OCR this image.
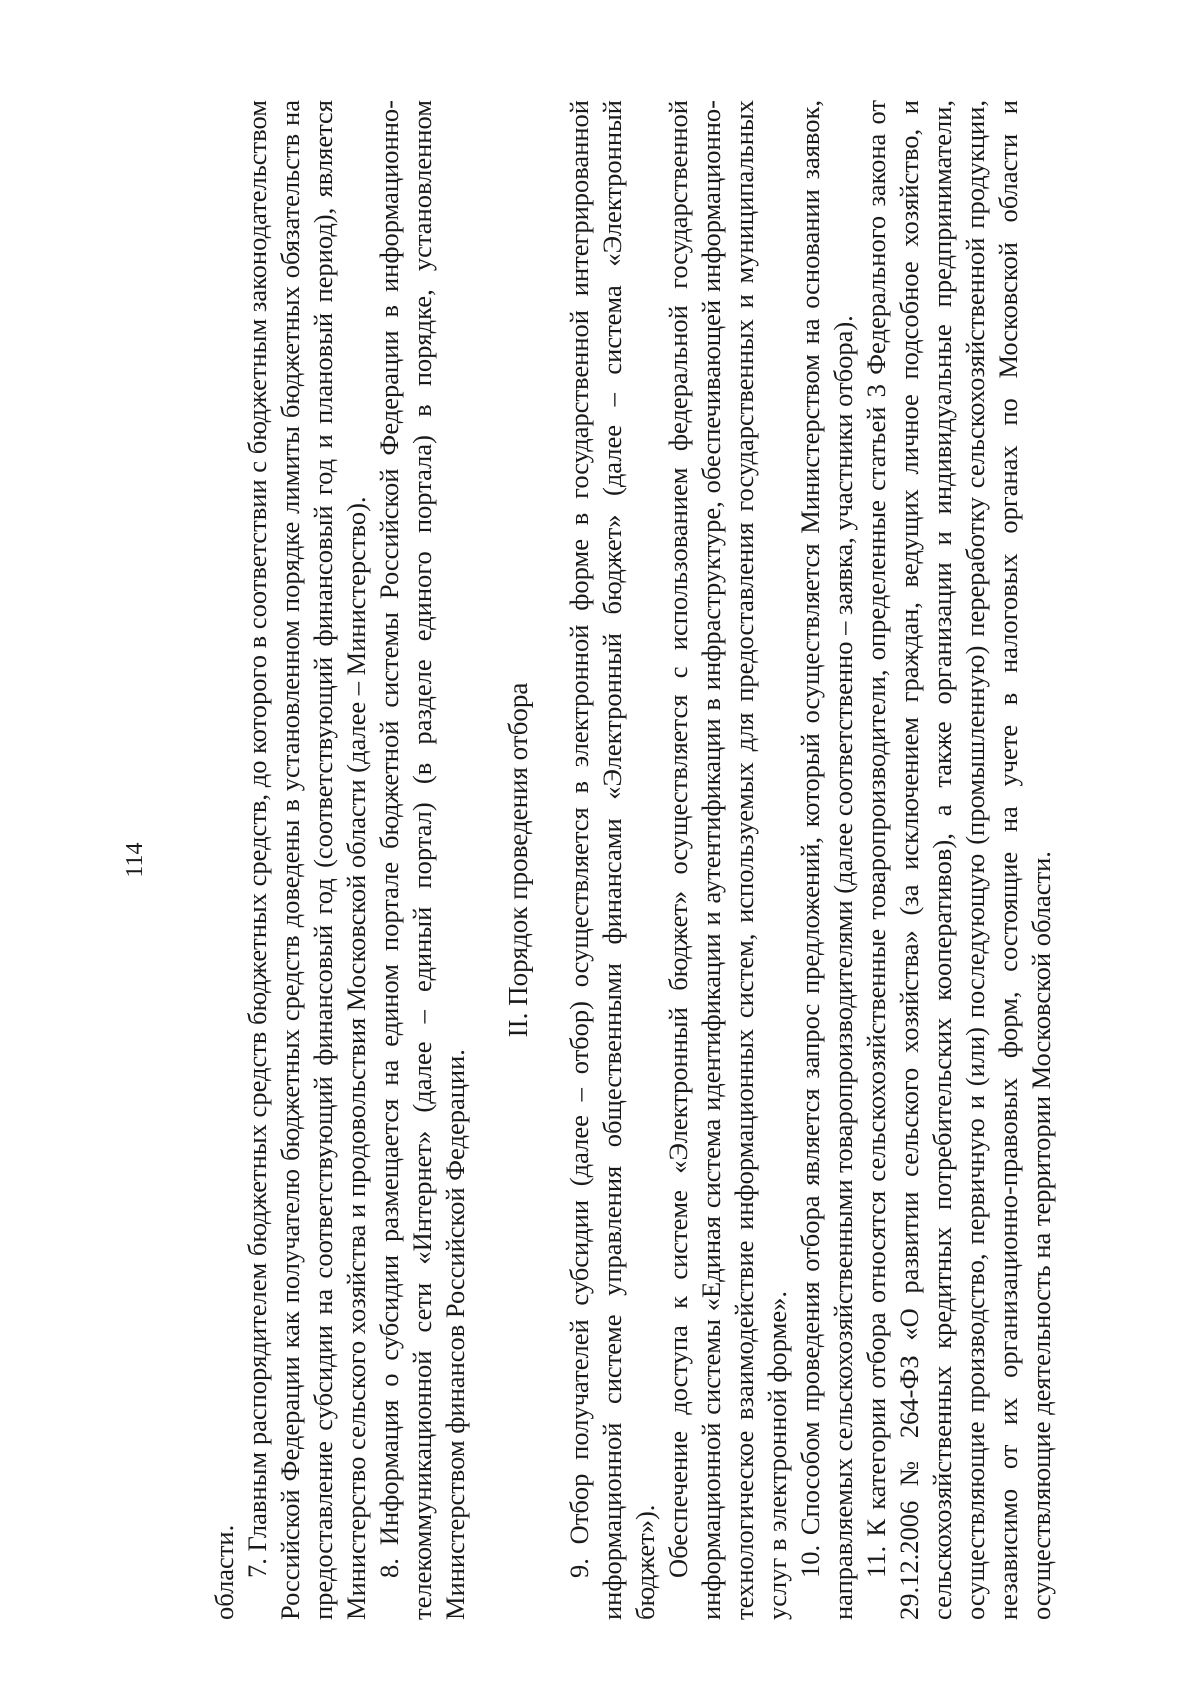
114

области. 7. Главным распорядителем бюджетных средств бюджетных средств, до которого в соответствии с бюджетным законодательством Российской Федерации как получателю бюджетных средств доведены в установленном порядке лимиты бюджетных обязательств на предоставление субсидии на соответствующий финансовый год (соответствующий финансовый год и плановый период), является Министерство сельского хозяйства и продовольствия Московской области (далее – Министерство). 8. Информация о субсидии размещается на едином портале бюджетной системы Российской Федерации в информационно-телекоммуникационной сети «Интернет» (далее – единый портал) (в разделе единого портала) в порядке, установленном Министерством финансов Российской Федерации.

II. Порядок проведения отбора 9. Отбор получателей субсидии (далее – отбор) осуществляется в электронной форме в государственной интегрированной информационной системе управления общественными финансами «Электронный бюджет» (далее – система «Электронный бюджет»). Обеспечение доступа к системе «Электронный бюджет» осуществляется с использованием федеральной государственной информационной системы «Единая система идентификации и аутентификации в инфраструктуре, обеспечивающей информационно-технологическое взаимодействие информационных систем, используемых для предоставления государственных и муниципальных услуг в электронной форме». 10. Способом проведения отбора является запрос предложений, который осуществляется Министерством на основании заявок, направляемых сельскохозяйственными товаропроизводителями (далее соответственно – заявка, участники отбора). 11. К категории отбора относятся сельскохозяйственные товаропроизводители, определенные статьей 3 Федерального закона от 29.12.2006 № 264-ФЗ «О развитии сельского хозяйства» (за исключением граждан, ведущих личное подсобное хозяйство, и сельскохозяйственных кредитных потребительских кооперативов), а также организации и индивидуальные предприниматели, осуществляющие производство, первичную и (или) последующую (промышленную) переработку сельскохозяйственной продукции, независимо от их организационно-правовых форм, состоящие на учете в налоговых органах по Московской области и осуществляющие деятельность на территории Московской области.
